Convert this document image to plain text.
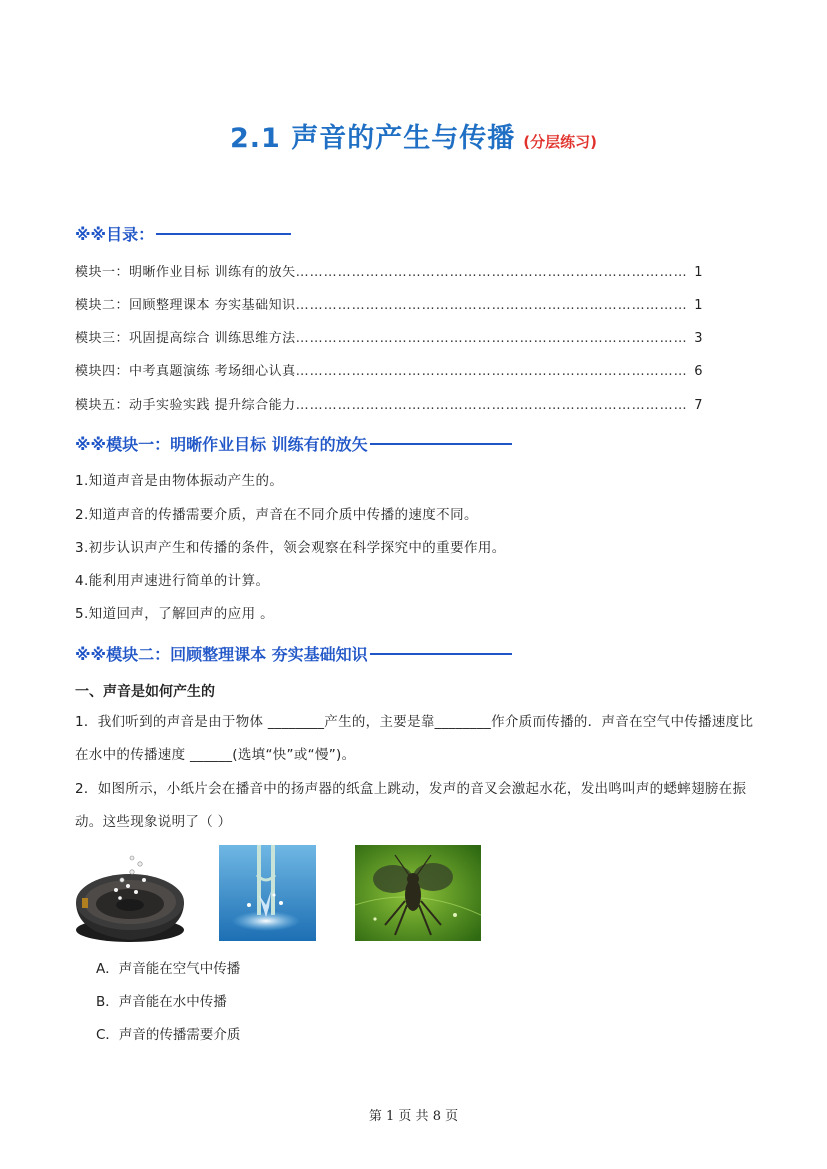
2.1 声音的产生与传播 (分层练习)
※※目录：
模块一：明晰作业目标 训练有的放矢 …………………………………………………………………………………………………………………………	1
模块二：回顾整理课本 夯实基础知识 …………………………………………………………………………………………………………………………	1
模块三：巩固提高综合 训练思维方法 …………………………………………………………………………………………………………………………	3
模块四：中考真题演练 考场细心认真 …………………………………………………………………………………………………………………………	6
模块五：动手实验实践 提升综合能力 …………………………………………………………………………………………………………………………	7
※※模块一：明晰作业目标 训练有的放矢
1.知道声音是由物体振动产生的。
2.知道声音的传播需要介质，声音在不同介质中传播的速度不同。
3.初步认识声产生和传播的条件，领会观察在科学探究中的重要作用。
4.能利用声速进行简单的计算。
5.知道回声，了解回声的应用 。
※※模块二：回顾整理课本 夯实基础知识
一、声音是如何产生的
1．我们听到的声音是由于物体 ________产生的，主要是靠________作介质而传播的．声音在空气中传播速度比在水中的传播速度 ______(选填“快”或“慢”)。
2．如图所示，小纸片会在播音中的扬声器的纸盒上跳动，发声的音叉会激起水花，发出鸣叫声的蟋蟀翅膀在振动。这些现象说明了（ ）
A．声音能在空气中传播
B．声音能在水中传播
C．声音的传播需要介质
第 1 页 共 8 页
